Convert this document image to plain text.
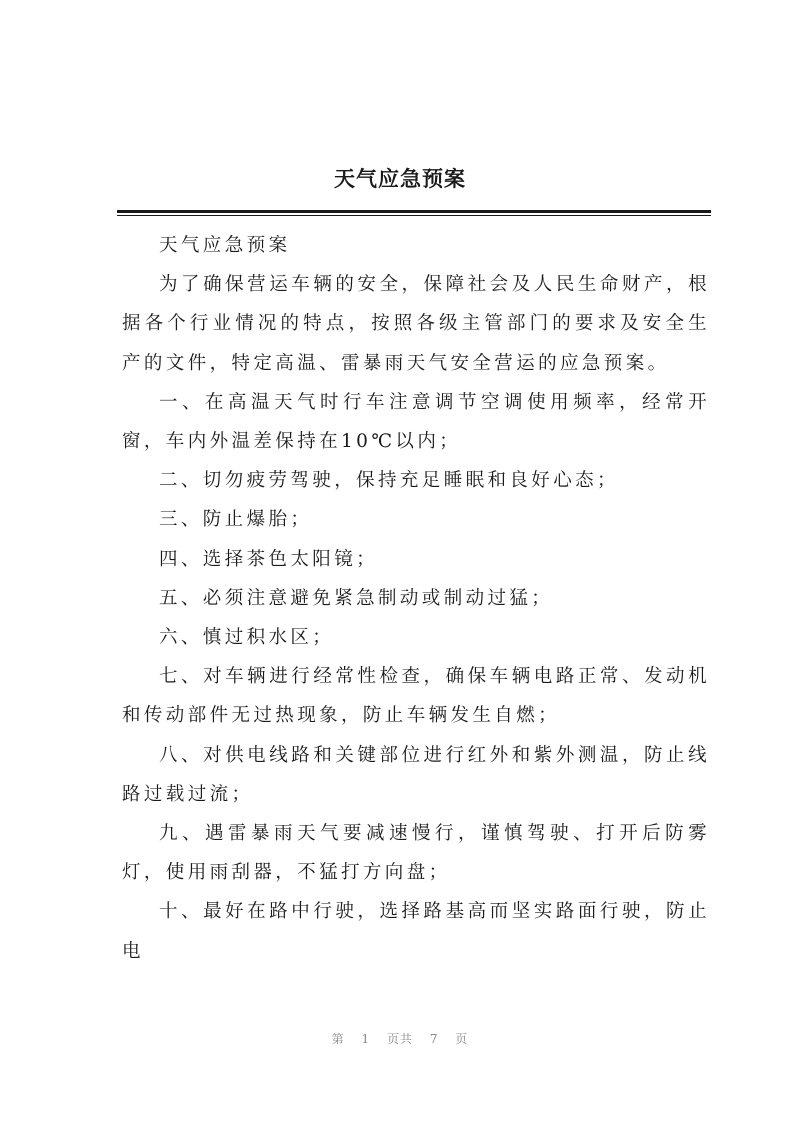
天气应急预案

天气应急预案

为了确保营运车辆的安全，保障社会及人民生命财产，根据各个行业情况的特点，按照各级主管部门的要求及安全生产的文件，特定高温、雷暴雨天气安全营运的应急预案。

一、在高温天气时行车注意调节空调使用频率，经常开窗，车内外温差保持在10℃以内；

二、切勿疲劳驾驶，保持充足睡眠和良好心态；

三、防止爆胎；

四、选择茶色太阳镜；

五、必须注意避免紧急制动或制动过猛；

六、慎过积水区；

七、对车辆进行经常性检查，确保车辆电路正常、发动机和传动部件无过热现象，防止车辆发生自燃；

八、对供电线路和关键部位进行红外和紫外测温，防止线路过载过流；

九、遇雷暴雨天气要减速慢行，谨慎驾驶、打开后防雾灯，使用雨刮器，不猛打方向盘；

十、最好在路中行驶，选择路基高而坚实路面行驶，防止电

第 1 页共 7 页
